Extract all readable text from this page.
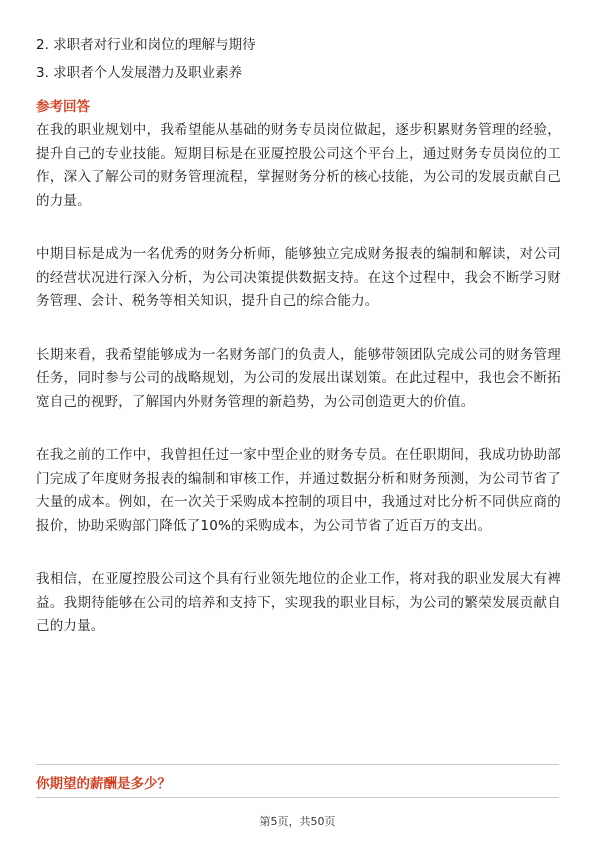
2. 求职者对行业和岗位的理解与期待
3. 求职者个人发展潜力及职业素养
参考回答

在我的职业规划中，我希望能从基础的财务专员岗位做起，逐步积累财务管理的经验，提升自己的专业技能。短期目标是在亚厦控股公司这个平台上，通过财务专员岗位的工作，深入了解公司的财务管理流程，掌握财务分析的核心技能，为公司的发展贡献自己的力量。

中期目标是成为一名优秀的财务分析师，能够独立完成财务报表的编制和解读，对公司的经营状况进行深入分析，为公司决策提供数据支持。在这个过程中，我会不断学习财务管理、会计、税务等相关知识，提升自己的综合能力。

长期来看，我希望能够成为一名财务部门的负责人，能够带领团队完成公司的财务管理任务，同时参与公司的战略规划，为公司的发展出谋划策。在此过程中，我也会不断拓宽自己的视野，了解国内外财务管理的新趋势，为公司创造更大的价值。

在我之前的工作中，我曾担任过一家中型企业的财务专员。在任职期间，我成功协助部门完成了年度财务报表的编制和审核工作，并通过数据分析和财务预测，为公司节省了大量的成本。例如，在一次关于采购成本控制的项目中，我通过对比分析不同供应商的报价，协助采购部门降低了10%的采购成本，为公司节省了近百万的支出。

我相信，在亚厦控股公司这个具有行业领先地位的企业工作，将对我的职业发展大有裨益。我期待能够在公司的培养和支持下，实现我的职业目标，为公司的繁荣发展贡献自己的力量。

你期望的薪酬是多少？
第5页，共50页
